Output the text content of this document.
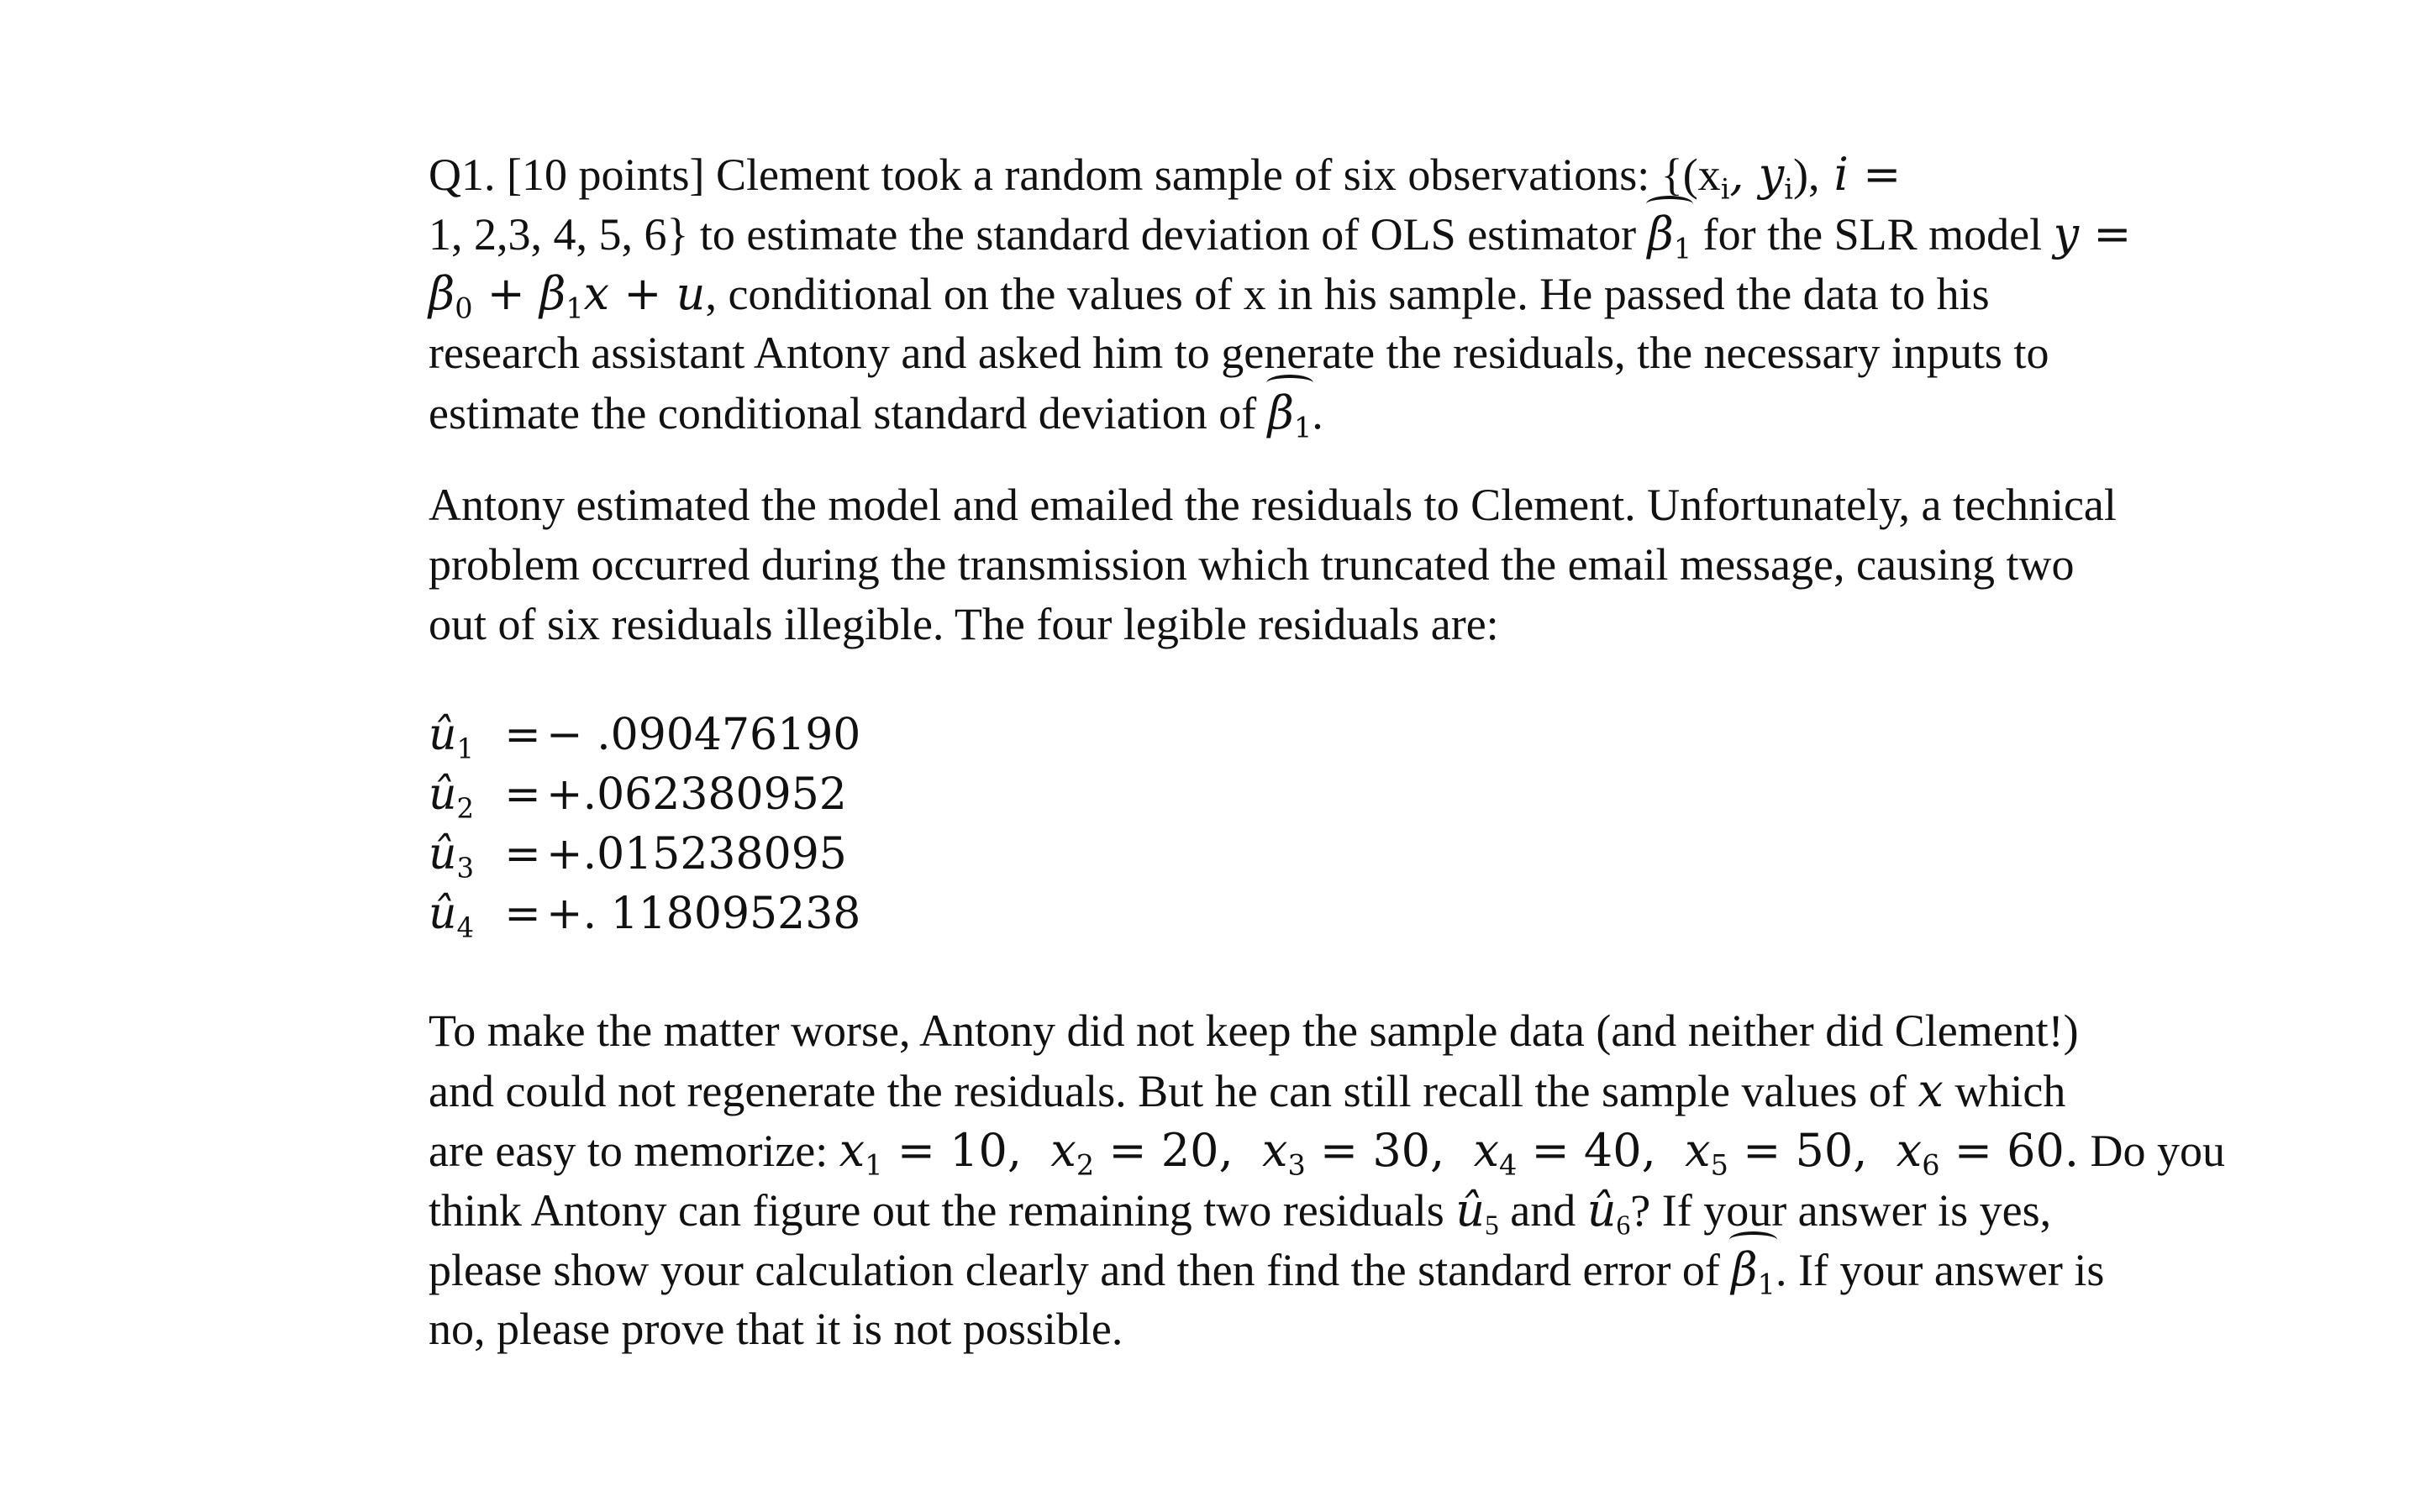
Q1. [10 points] Clement took a random sample of six observations: {($x_i$, $y_i$), i =
1, 2,3, 4, 5, 6} to estimate the standard deviation of OLS estimator $\beta_1$ for the SLR model y =
$\beta_0 + \beta_1x + u$, conditional on the values of x in his sample. He passed the data to his
research assistant Antony and asked him to generate the residuals, the necessary inputs to
estimate the conditional standard deviation of $\beta_1$.
Antony estimated the model and emailed the residuals to Clement. Unfortunately, a technical
problem occurred during the transmission which truncated the email message, causing two
out of six residuals illegible. The four legible residuals are:
$û_1$ = − .090476190
$û_2 = +.062380952$
$û_3 = +.015238095$
$û_4$ = +. 118095238
To make the matter worse, Antony did not keep the sample data (and neither did Clement!)
and could not regenerate the residuals. But he can still recall the sample values of x which
are easy to memorize: $x_1 = 10$, $x_2 = 20$, $x_3 = 30$, $x_4 = 40$, $x_5 = 50$, $x_6 = 60$. Do you
think Antony can figure out the remaining two residuals $û_5$ and $û_6$? If your answer is yes,
please show your calculation clearly and then find the standard error of $\beta_1$. If your answer is
no, please prove that it is not possible.
